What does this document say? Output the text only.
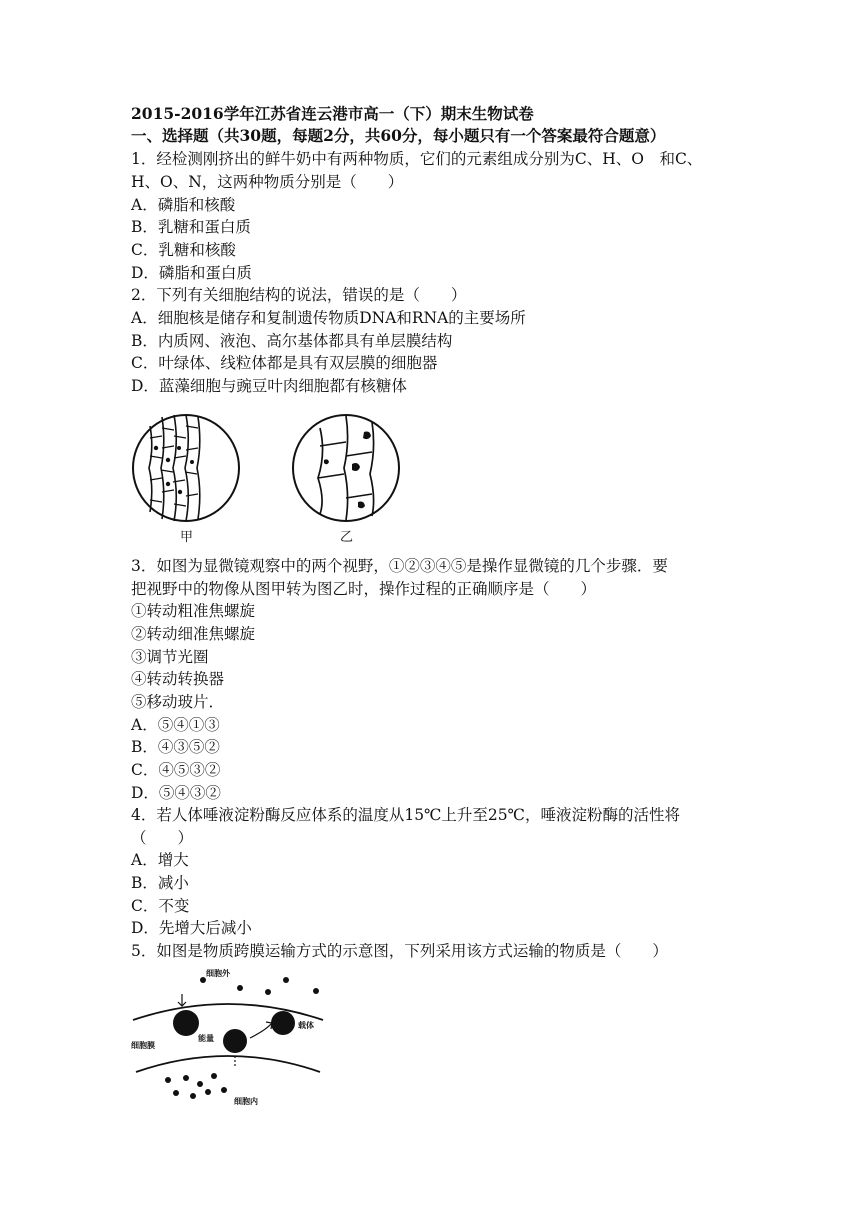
2015-2016学年江苏省连云港市高一（下）期末生物试卷
一、选择题（共30题，每题2分，共60分，每小题只有一个答案最符合题意）
1．经检测刚挤出的鲜牛奶中有两种物质，它们的元素组成分别为C、H、O　和C、
H、O、N，这两种物质分别是（　　）
A．磷脂和核酸
B．乳糖和蛋白质
C．乳糖和核酸
D．磷脂和蛋白质
2．下列有关细胞结构的说法，错误的是（　　）
A．细胞核是储存和复制遗传物质DNA和RNA的主要场所
B．内质网、液泡、高尔基体都具有单层膜结构
C．叶绿体、线粒体都是具有双层膜的细胞器
D．蓝藻细胞与豌豆叶肉细胞都有核糖体
甲	乙
3．如图为显微镜观察中的两个视野，①②③④⑤是操作显微镜的几个步骤．要
把视野中的物像从图甲转为图乙时，操作过程的正确顺序是（　　）
①转动粗准焦螺旋
②转动细准焦螺旋
③调节光圈
④转动转换器
⑤移动玻片．
A．⑤④①③
B．④③⑤②
C．④⑤③②
D．⑤④③②
4．若人体唾液淀粉酶反应体系的温度从15℃上升至25℃，唾液淀粉酶的活性将
（　　）
A．增大
B．减小
C．不变
D．先增大后减小
5．如图是物质跨膜运输方式的示意图，下列采用该方式运输的物质是（　　）
细胞外
细胞膜
能量
载体
细胞内
